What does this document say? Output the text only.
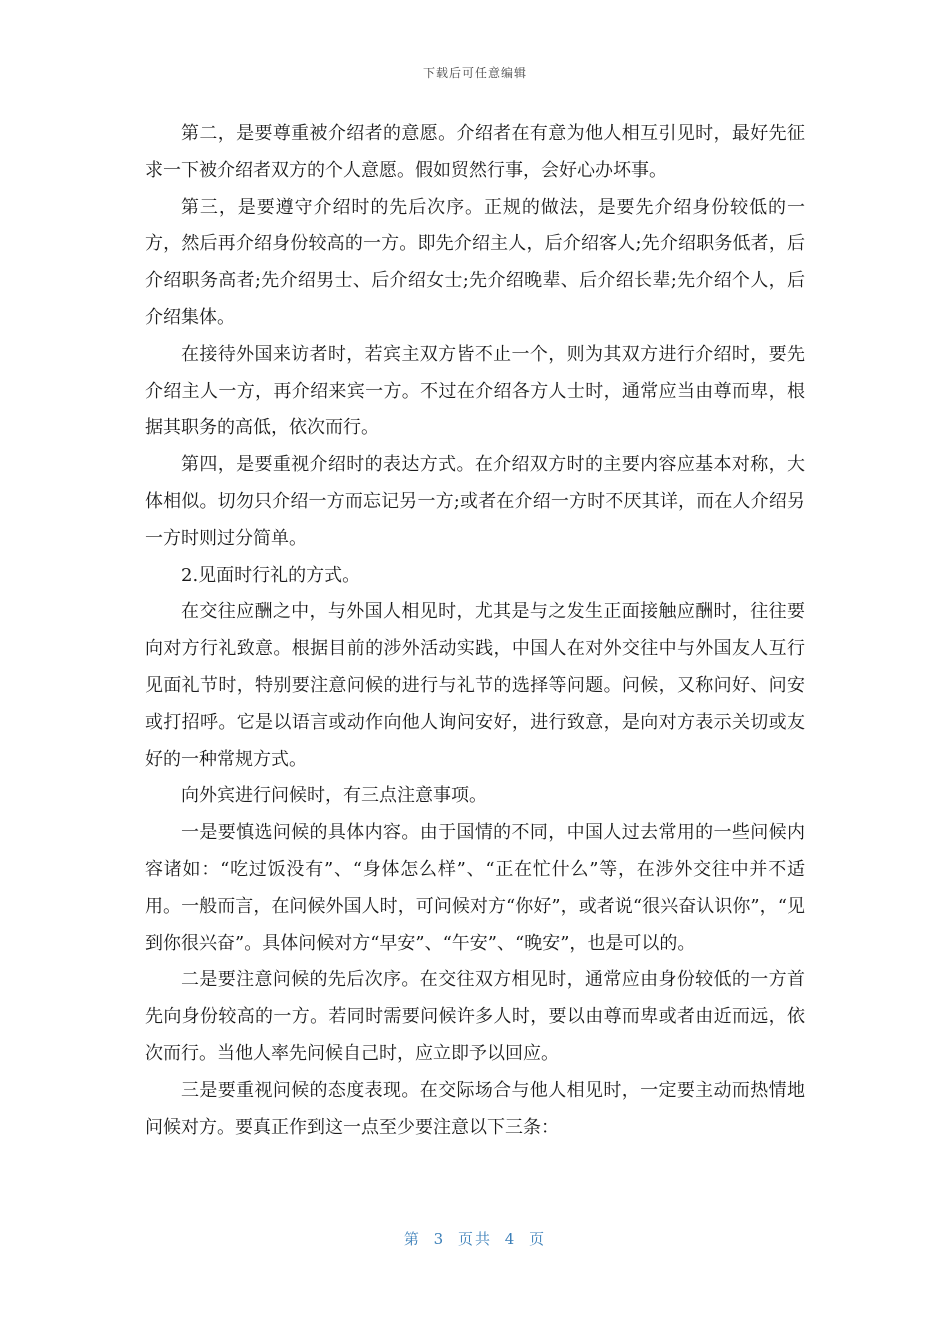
下载后可任意编辑

第二，是要尊重被介绍者的意愿。介绍者在有意为他人相互引见时，最好先征求一下被介绍者双方的个人意愿。假如贸然行事，会好心办坏事。

第三，是要遵守介绍时的先后次序。正规的做法，是要先介绍身份较低的一方，然后再介绍身份较高的一方。即先介绍主人，后介绍客人;先介绍职务低者，后介绍职务高者;先介绍男士、后介绍女士;先介绍晚辈、后介绍长辈;先介绍个人，后介绍集体。

在接待外国来访者时，若宾主双方皆不止一个，则为其双方进行介绍时，要先介绍主人一方，再介绍来宾一方。不过在介绍各方人士时，通常应当由尊而卑，根据其职务的高低，依次而行。

第四，是要重视介绍时的表达方式。在介绍双方时的主要内容应基本对称，大体相似。切勿只介绍一方而忘记另一方;或者在介绍一方时不厌其详，而在人介绍另一方时则过分简单。

2.见面时行礼的方式。

在交往应酬之中，与外国人相见时，尤其是与之发生正面接触应酬时，往往要向对方行礼致意。根据目前的涉外活动实践，中国人在对外交往中与外国友人互行见面礼节时，特别要注意问候的进行与礼节的选择等问题。问候，又称问好、问安或打招呼。它是以语言或动作向他人询问安好，进行致意，是向对方表示关切或友好的一种常规方式。

向外宾进行问候时，有三点注意事项。

一是要慎选问候的具体内容。由于国情的不同，中国人过去常用的一些问候内容诸如：“吃过饭没有”、“身体怎么样”、“正在忙什么”等，在涉外交往中并不适用。一般而言，在问候外国人时，可问候对方“你好”，或者说“很兴奋认识你”，“见到你很兴奋”。具体问候对方“早安”、“午安”、“晚安”，也是可以的。

二是要注意问候的先后次序。在交往双方相见时，通常应由身份较低的一方首先向身份较高的一方。若同时需要问候许多人时，要以由尊而卑或者由近而远，依次而行。当他人率先问候自己时，应立即予以回应。

三是要重视问候的态度表现。在交际场合与他人相见时，一定要主动而热情地问候对方。要真正作到这一点至少要注意以下三条：

第 3 页共 4 页
